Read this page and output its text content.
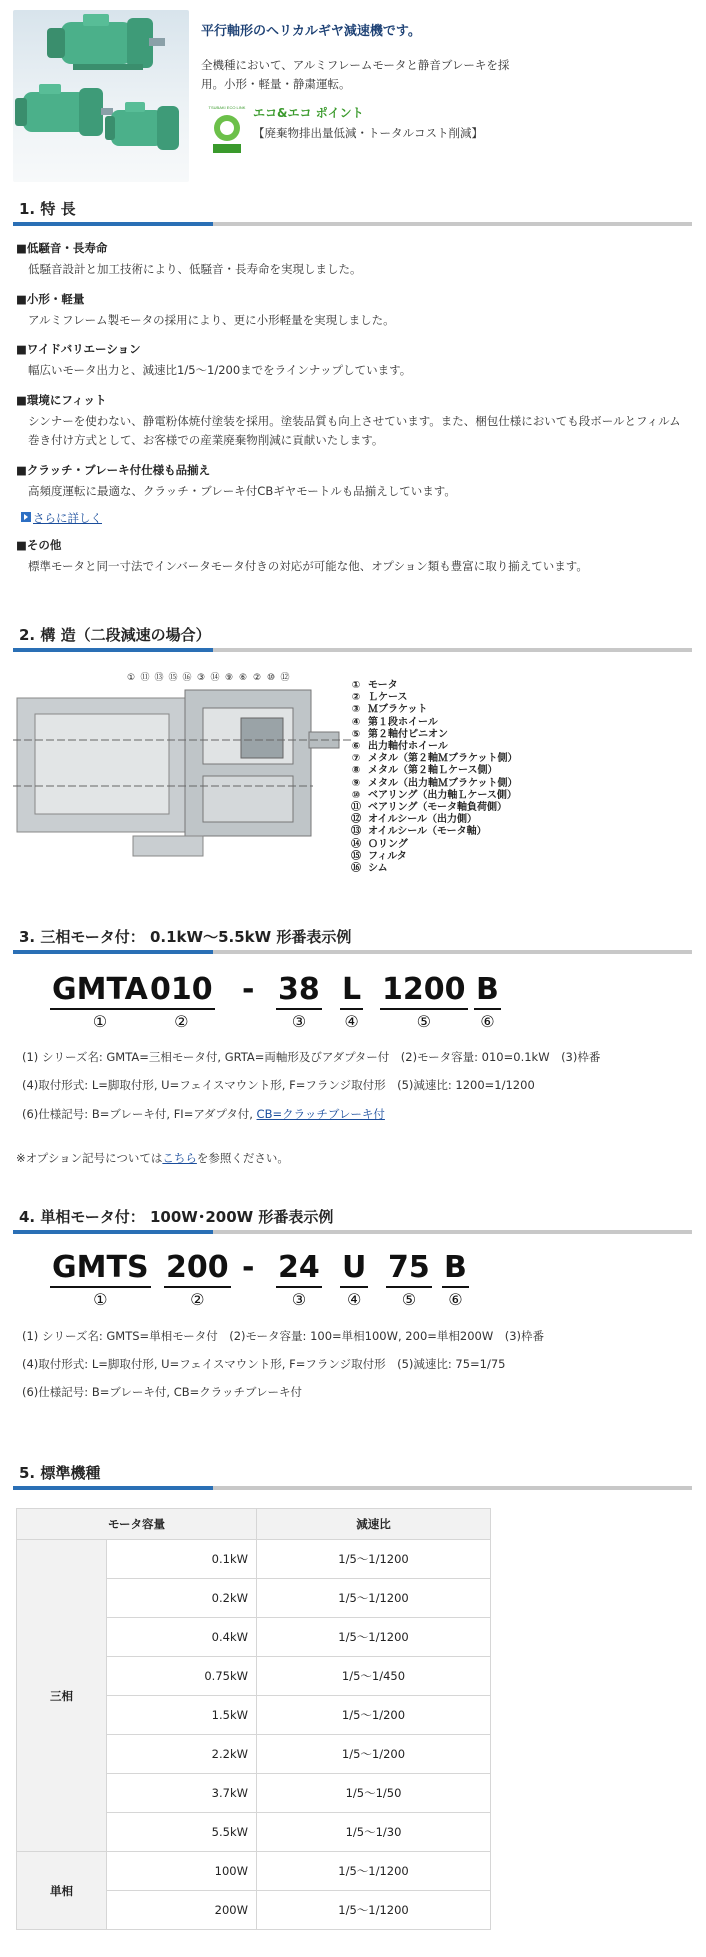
平行軸形のヘリカルギヤ減速機です。
全機種において、アルミフレームモータと静音ブレーキを採用。小形・軽量・静粛運転。
TSUBAKI ECO LINK エコ&エコ ポイント
【廃棄物排出量低減・トータルコスト削減】
1. 特 長
■低騒音・長寿命
低騒音設計と加工技術により、低騒音・長寿命を実現しました。
■小形・軽量
アルミフレーム製モータの採用により、更に小形軽量を実現しました。
■ワイドバリエーション
幅広いモータ出力と、減速比1/5～1/200までをラインナップしています。
■環境にフィット
シンナーを使わない、静電粉体焼付塗装を採用。塗装品質も向上させています。また、梱包仕様においても段ボールとフィルム巻き付け方式として、お客様での産業廃棄物削減に貢献いたします。
■クラッチ・ブレーキ付仕様も品揃え
高頻度運転に最適な、クラッチ・ブレーキ付CBギヤモートルも品揃えしています。
さらに詳しく
■その他
標準モータと同一寸法でインバータモータ付きの対応が可能な他、オプション類も豊富に取り揃えています。
2. 構 造（二段減速の場合）
① ⑪ ⑬ ⑮ ⑯ ③ ⑭ ⑨ ⑥ ② ⑩ ⑫
① モータ
② Ｌケース
③ Ｍブラケット
④ 第１段ホイール
⑤ 第２軸付ピニオン
⑥ 出力軸付ホイール
⑦ メタル（第２軸Ｍブラケット側）
⑧ メタル（第２軸Ｌケース側）
⑨ メタル（出力軸Ｍブラケット側）
⑩ ベアリング（出力軸Ｌケース側）
⑪ ベアリング（モータ軸負荷側）
⑫ オイルシール（出力側）
⑬ オイルシール（モータ軸）
⑭ Ｏリング
⑮ フィルタ
⑯ シム
3. 三相モータ付： 0.1kW～5.5kW 形番表示例
GMTA
①
010
②
- 38
③
L
④
1200
⑤
B
⑥
(1) シリーズ名: GMTA=三相モータ付, GRTA=両軸形及びアダプター付　(2)モータ容量: 010=0.1kW　(3)枠番
(4)取付形式: L=脚取付形, U=フェイスマウント形, F=フランジ取付形　(5)減速比: 1200=1/1200
(6)仕様記号: B=ブレーキ付, FI=アダプタ付, CB=クラッチブレーキ付
※オプション記号についてはこちらを参照ください。
4. 単相モータ付： 100W･200W 形番表示例
GMTS
①
200
②
- 24
③
U
④
75
⑤
B
⑥
(1) シリーズ名: GMTS=単相モータ付　(2)モータ容量: 100=単相100W, 200=単相200W　(3)枠番
(4)取付形式: L=脚取付形, U=フェイスマウント形, F=フランジ取付形　(5)減速比: 75=1/75
(6)仕様記号: B=ブレーキ付, CB=クラッチブレーキ付
5. 標準機種
モータ容量		減速比
三相	0.1kW	1/5～1/1200
	0.2kW	1/5～1/1200
	0.4kW	1/5～1/1200
	0.75kW	1/5～1/450
	1.5kW	1/5～1/200
	2.2kW	1/5～1/200
	3.7kW	1/5～1/50
	5.5kW	1/5～1/30
単相	100W	1/5～1/1200
	200W	1/5～1/1200
